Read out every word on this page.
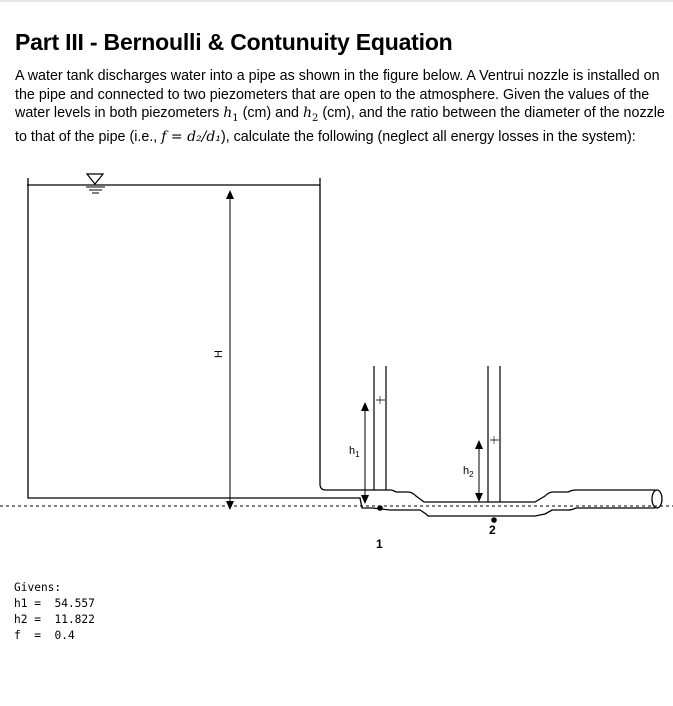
Part III - Bernoulli & Contunuity Equation

A water tank discharges water into a pipe as shown in the figure below. A Ventrui nozzle is installed on the pipe and connected to two piezometers that are open to the atmosphere. Given the values of the water levels in both piezometers $h_1$ (cm) and $h_2$ (cm), and the ratio between the diameter of the nozzle to that of the pipe (i.e., f = d₂/d₁), calculate the following (neglect all energy losses in the system):

H
$h_1$
$h_2$
1
2
Givens:
h1 = 54.557
h2 = 11.822
f = 0.4
